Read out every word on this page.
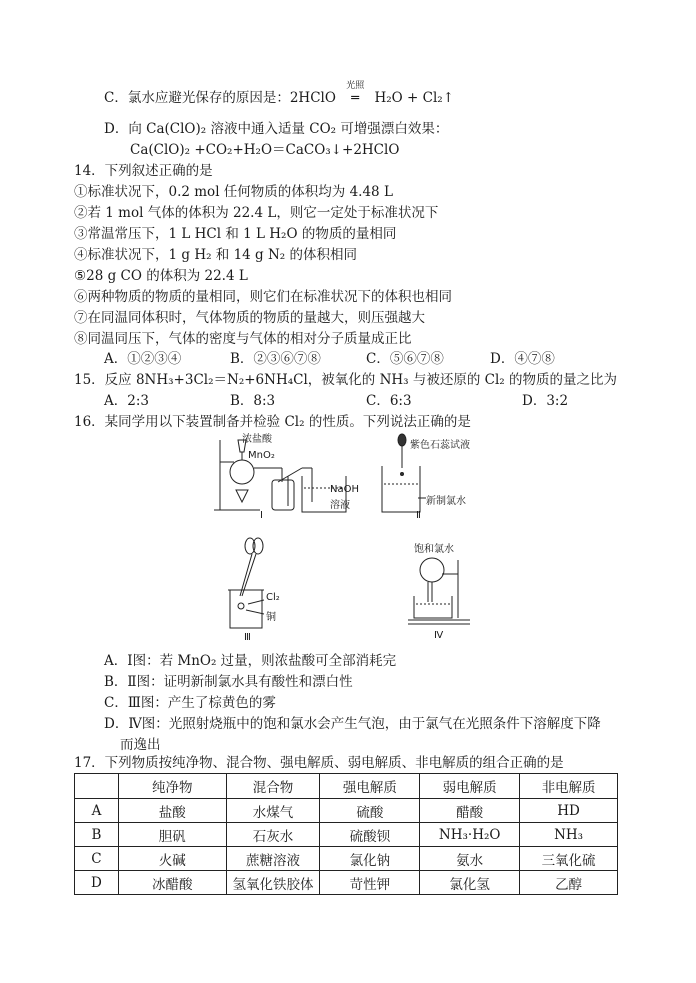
C．氯水应避光保存的原因是：2HClO
光照
═ H₂O + Cl₂↑
D．向 Ca(ClO)₂ 溶液中通入适量 CO₂ 可增强漂白效果：
Ca(ClO)₂ +CO₂+H₂O＝CaCO₃↓+2HClO
14．下列叙述正确的是
①标准状况下，0.2 mol 任何物质的体积均为 4.48 L
②若 1 mol 气体的体积为 22.4 L，则它一定处于标准状况下
③常温常压下，1 L HCl 和 1 L H₂O 的物质的量相同
④标准状况下，1 g H₂ 和 14 g N₂ 的体积相同
⑤28 g CO 的体积为 22.4 L
⑥两种物质的物质的量相同，则它们在标准状况下的体积也相同
⑦在同温同体积时，气体物质的物质的量越大，则压强越大
⑧同温同压下，气体的密度与气体的相对分子质量成正比
A．①②③④	B．②③⑥⑦⑧	C．⑤⑥⑦⑧	D．④⑦⑧
15．反应 8NH₃+3Cl₂＝N₂+6NH₄Cl，被氧化的 NH₃ 与被还原的 Cl₂ 的物质的量之比为
A．2:3	B．8:3	C．6:3	D．3:2
16．某同学用以下装置制备并检验 Cl₂ 的性质。下列说法正确的是
浓盐酸
MnO₂
NaOH
溶液
Ⅰ
紫色石蕊试液
新制氯水
Ⅱ
Cl₂
铜
Ⅲ
饱和氯水
Ⅳ
A．Ⅰ图：若 MnO₂ 过量，则浓盐酸可全部消耗完
B．Ⅱ图：证明新制氯水具有酸性和漂白性
C．Ⅲ图：产生了棕黄色的雾
D．Ⅳ图：光照射烧瓶中的饱和氯水会产生气泡，由于氯气在光照条件下溶解度下降
而逸出
17．下列物质按纯净物、混合物、强电解质、弱电解质、非电解质的组合正确的是
	纯净物	混合物	强电解质	弱电解质	非电解质
A	盐酸	水煤气	硫酸	醋酸	HD
B	胆矾	石灰水	硫酸钡	NH₃·H₂O	NH₃
C	火碱	蔗糖溶液	氯化钠	氨水	三氧化硫
D	冰醋酸	氢氧化铁胶体	苛性钾	氯化氢	乙醇
